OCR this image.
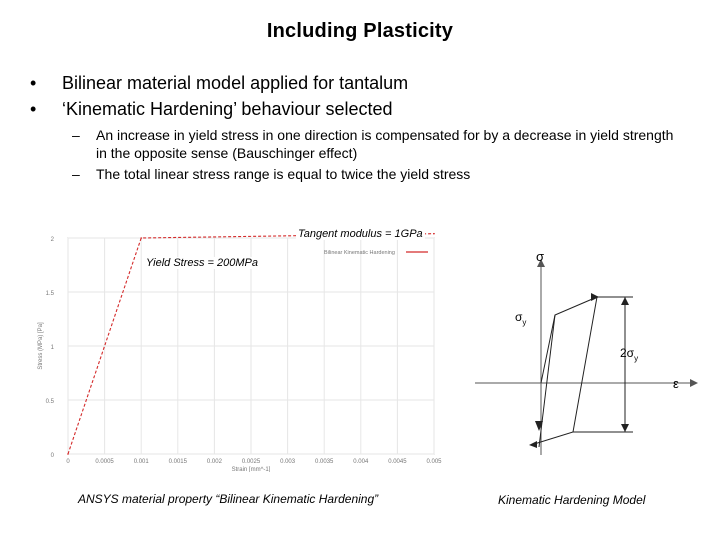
Including Plasticity
•	Bilinear material model applied for tantalum
•	‘Kinematic Hardening’ behaviour selected
–	An increase in yield stress in one direction is compensated for by a decrease in yield strength in the opposite sense (Bauschinger effect)
–	The total linear stress range is equal to twice the yield stress
0
0.5
1
1.5
2
0	0.0005	0.001	0.0015	0.002	0.0025	0.003	0.0035	0.004	0.0045	0.005
Strain [mm^-1]
Stress (MPa) [Pa]
Bilinear Kinematic Hardening
Tangent modulus = 1GPa
Yield Stress = 200MPa
ANSYS material property “Bilinear Kinematic Hardening”
σ
ε
$\sigma_y$
$2\sigma_y$
Kinematic Hardening Model
